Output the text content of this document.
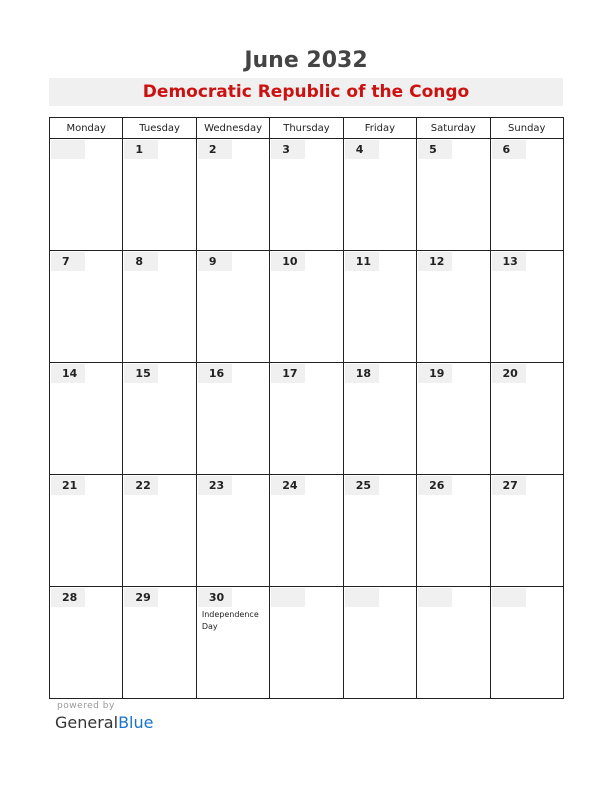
June 2032
Democratic Republic of the Congo
Monday	Tuesday	Wednesday	Thursday	Friday	Saturday	Sunday

	1	2	3	4	5	6

7	8	9	10	11	12	13

14	15	16	17	18	19	20

21	22	23	24	25	26	27

28	29	30
Independence Day				

powered by
GeneralBlue
